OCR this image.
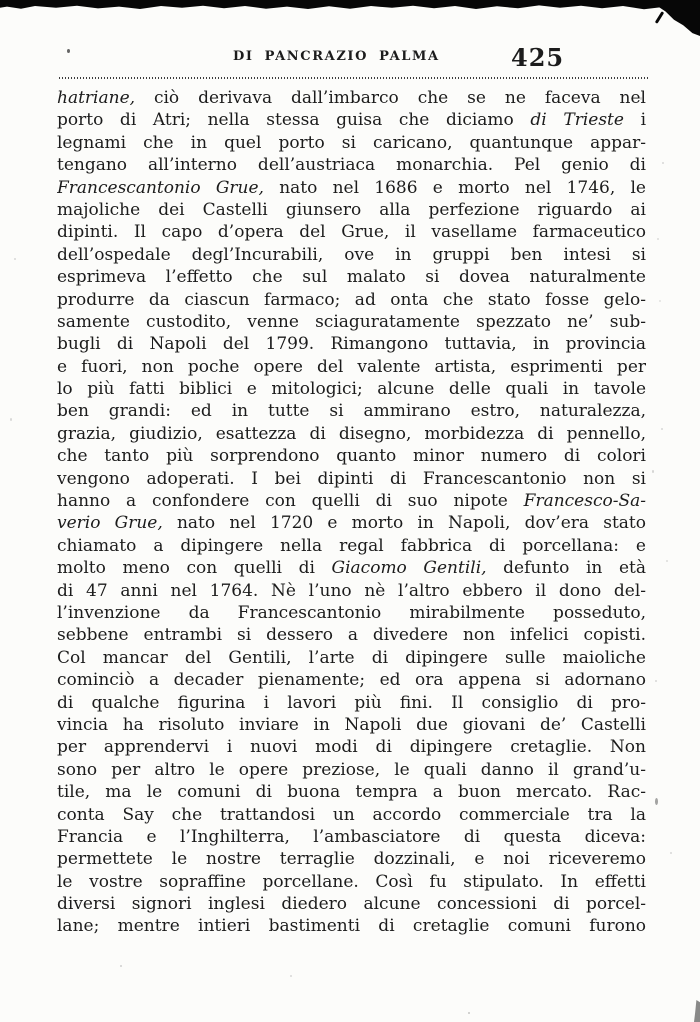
DI PANCRAZIO PALMA	425
hatriane, ciò derivava dall’imbarco che se ne faceva nel
porto di Atri; nella stessa guisa che diciamo di Trieste i
legnami che in quel porto si caricano, quantunque appar-
tengano all’interno dell’austriaca monarchia. Pel genio di
Francescantonio Grue, nato nel 1686 e morto nel 1746, le
majoliche dei Castelli giunsero alla perfezione riguardo ai
dipinti. Il capo d’opera del Grue, il vasellame farmaceutico
dell’ospedale degl’Incurabili, ove in gruppi ben intesi si
esprimeva l’effetto che sul malato si dovea naturalmente
produrre da ciascun farmaco; ad onta che stato fosse gelo-
samente custodito, venne sciaguratamente spezzato ne’ sub-
bugli di Napoli del 1799. Rimangono tuttavia, in provincia
e fuori, non poche opere del valente artista, esprimenti per
lo più fatti biblici e mitologici; alcune delle quali in tavole
ben grandi: ed in tutte si ammirano estro, naturalezza,
grazia, giudizio, esattezza di disegno, morbidezza di pennello,
che tanto più sorprendono quanto minor numero di colori
vengono adoperati. I bei dipinti di Francescantonio non si
hanno a confondere con quelli di suo nipote Francesco-Sa-
verio Grue, nato nel 1720 e morto in Napoli, dov’era stato
chiamato a dipingere nella regal fabbrica di porcellana: e
molto meno con quelli di Giacomo Gentili, defunto in età
di 47 anni nel 1764. Nè l’uno nè l’altro ebbero il dono del-
l’invenzione da Francescantonio mirabilmente posseduto,
sebbene entrambi si dessero a divedere non infelici copisti.
Col mancar del Gentili, l’arte di dipingere sulle maioliche
cominciò a decader pienamente; ed ora appena si adornano
di qualche figurina i lavori più fini. Il consiglio di pro-
vincia ha risoluto inviare in Napoli due giovani de’ Castelli
per apprendervi i nuovi modi di dipingere cretaglie. Non
sono per altro le opere preziose, le quali danno il grand’u-
tile, ma le comuni di buona tempra a buon mercato. Rac-
conta Say che trattandosi un accordo commerciale tra la
Francia e l’Inghilterra, l’ambasciatore di questa diceva:
permettete le nostre terraglie dozzinali, e noi riceveremo
le vostre sopraffine porcellane. Così fu stipulato. In effetti
diversi signori inglesi diedero alcune concessioni di porcel-
lane; mentre intieri bastimenti di cretaglie comuni furono
